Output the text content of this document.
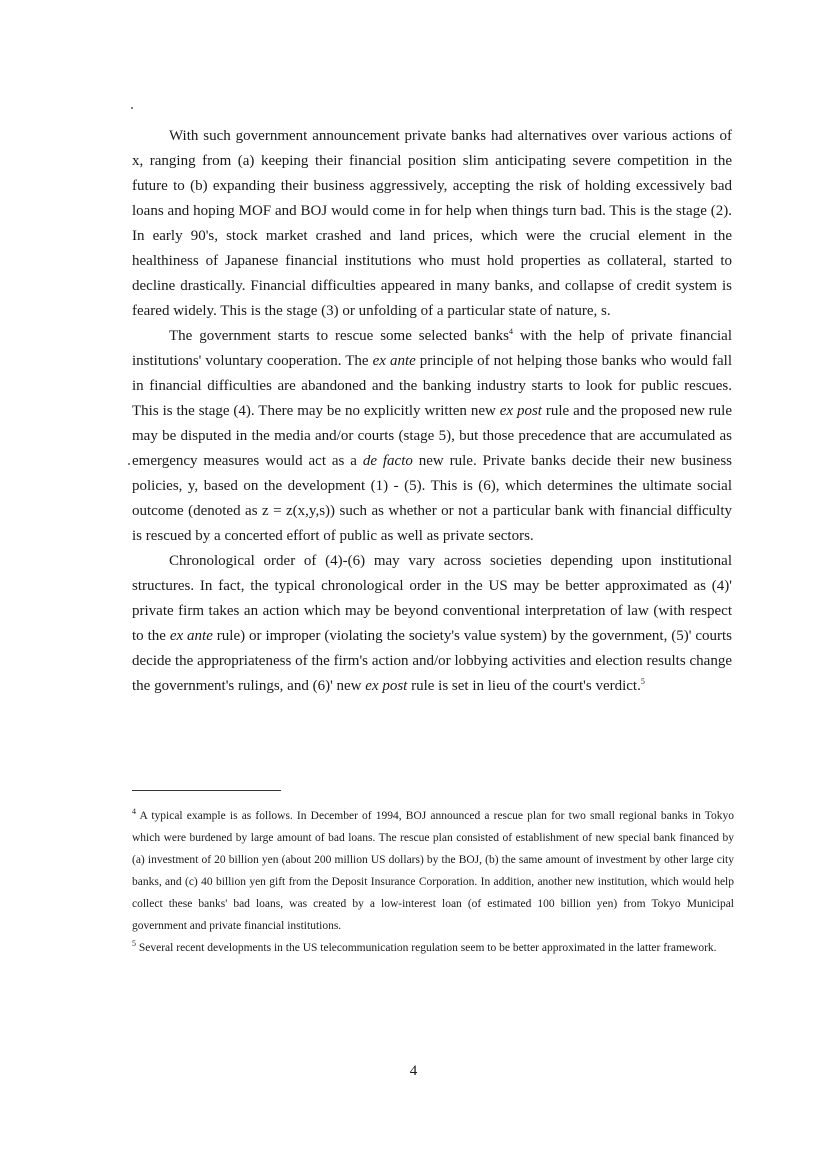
With such government announcement private banks had alternatives over various actions of x, ranging from (a) keeping their financial position slim anticipating severe competition in the future to (b) expanding their business aggressively, accepting the risk of holding excessively bad loans and hoping MOF and BOJ would come in for help when things turn bad. This is the stage (2). In early 90's, stock market crashed and land prices, which were the crucial element in the healthiness of Japanese financial institutions who must hold properties as collateral, started to decline drastically. Financial difficulties appeared in many banks, and collapse of credit system is feared widely. This is the stage (3) or unfolding of a particular state of nature, s.

The government starts to rescue some selected banks$^4$ with the help of private financial institutions' voluntary cooperation. The ex ante principle of not helping those banks who would fall in financial difficulties are abandoned and the banking industry starts to look for public rescues. This is the stage (4). There may be no explicitly written new ex post rule and the proposed new rule may be disputed in the media and/or courts (stage 5), but those precedence that are accumulated as emergency measures would act as a de facto new rule. Private banks decide their new business policies, y, based on the development (1) - (5). This is (6), which determines the ultimate social outcome (denoted as z = z(x,y,s)) such as whether or not a particular bank with financial difficulty is rescued by a concerted effort of public as well as private sectors.

Chronological order of (4)-(6) may vary across societies depending upon institutional structures. In fact, the typical chronological order in the US may be better approximated as (4)' private firm takes an action which may be beyond conventional interpretation of law (with respect to the ex ante rule) or improper (violating the society's value system) by the government, (5)' courts decide the appropriateness of the firm's action and/or lobbying activities and election results change the government's rulings, and (6)' new ex post rule is set in lieu of the court's verdict.$^5$

$^4$ A typical example is as follows. In December of 1994, BOJ announced a rescue plan for two small regional banks in Tokyo which were burdened by large amount of bad loans. The rescue plan consisted of establishment of new special bank financed by (a) investment of 20 billion yen (about 200 million US dollars) by the BOJ, (b) the same amount of investment by other large city banks, and (c) 40 billion yen gift from the Deposit Insurance Corporation. In addition, another new institution, which would help collect these banks' bad loans, was created by a low-interest loan (of estimated 100 billion yen) from Tokyo Municipal government and private financial institutions.

$^5$ Several recent developments in the US telecommunication regulation seem to be better approximated in the latter framework.

4
